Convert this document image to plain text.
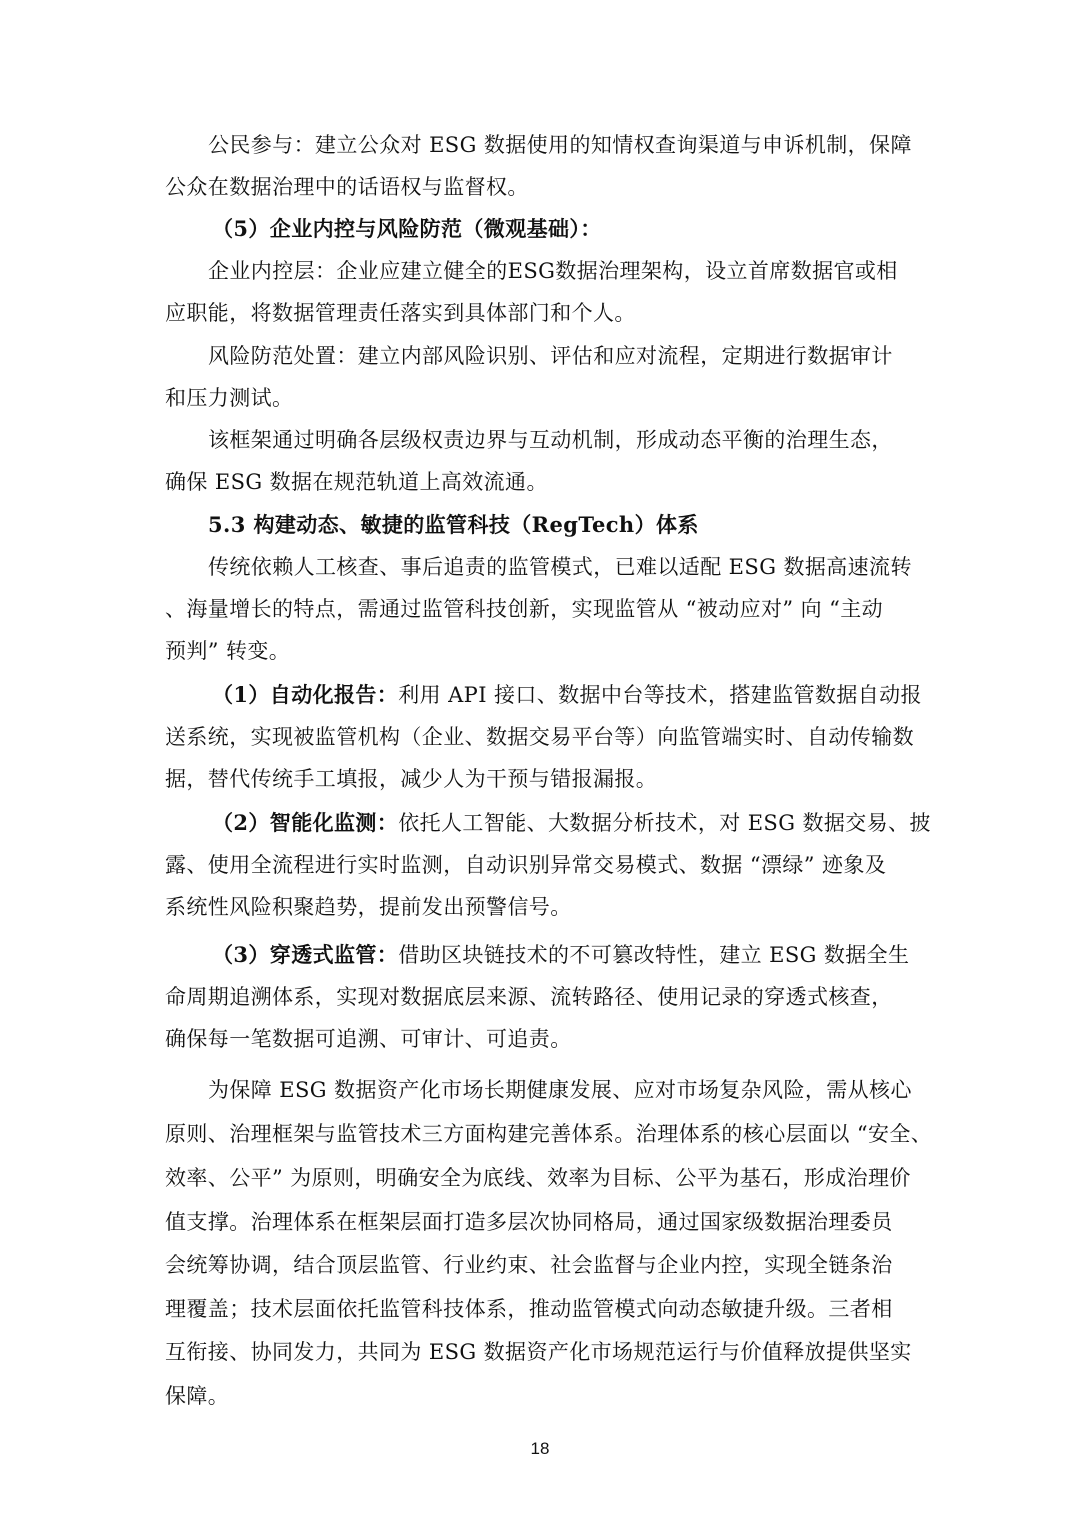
公民参与：建立公众对 ESG 数据使用的知情权查询渠道与申诉机制，保障
公众在数据治理中的话语权与监督权。
（5）企业内控与风险防范（微观基础）：
企业内控层：企业应建立健全的ESG数据治理架构，设立首席数据官或相
应职能，将数据管理责任落实到具体部门和个人。
风险防范处置：建立内部风险识别、评估和应对流程，定期进行数据审计
和压力测试。
该框架通过明确各层级权责边界与互动机制，形成动态平衡的治理生态，
确保 ESG 数据在规范轨道上高效流通。
5.3 构建动态、敏捷的监管科技（RegTech）体系
传统依赖人工核查、事后追责的监管模式，已难以适配 ESG 数据高速流转
、海量增长的特点，需通过监管科技创新，实现监管从 “被动应对” 向 “主动
预判” 转变。
（1）自动化报告：利用 API 接口、数据中台等技术，搭建监管数据自动报
送系统，实现被监管机构（企业、数据交易平台等）向监管端实时、自动传输数
据，替代传统手工填报，减少人为干预与错报漏报。
（2）智能化监测：依托人工智能、大数据分析技术，对 ESG 数据交易、披
露、使用全流程进行实时监测，自动识别异常交易模式、数据 “漂绿” 迹象及
系统性风险积聚趋势，提前发出预警信号。
（3）穿透式监管：借助区块链技术的不可篡改特性，建立 ESG 数据全生
命周期追溯体系，实现对数据底层来源、流转路径、使用记录的穿透式核查，
确保每一笔数据可追溯、可审计、可追责。
为保障 ESG 数据资产化市场长期健康发展、应对市场复杂风险，需从核心
原则、治理框架与监管技术三方面构建完善体系。治理体系的核心层面以 “安全、
效率、公平” 为原则，明确安全为底线、效率为目标、公平为基石，形成治理价
值支撑。治理体系在框架层面打造多层次协同格局，通过国家级数据治理委员
会统筹协调，结合顶层监管、行业约束、社会监督与企业内控，实现全链条治
理覆盖；技术层面依托监管科技体系，推动监管模式向动态敏捷升级。三者相
互衔接、协同发力，共同为 ESG 数据资产化市场规范运行与价值释放提供坚实
保障。
18
